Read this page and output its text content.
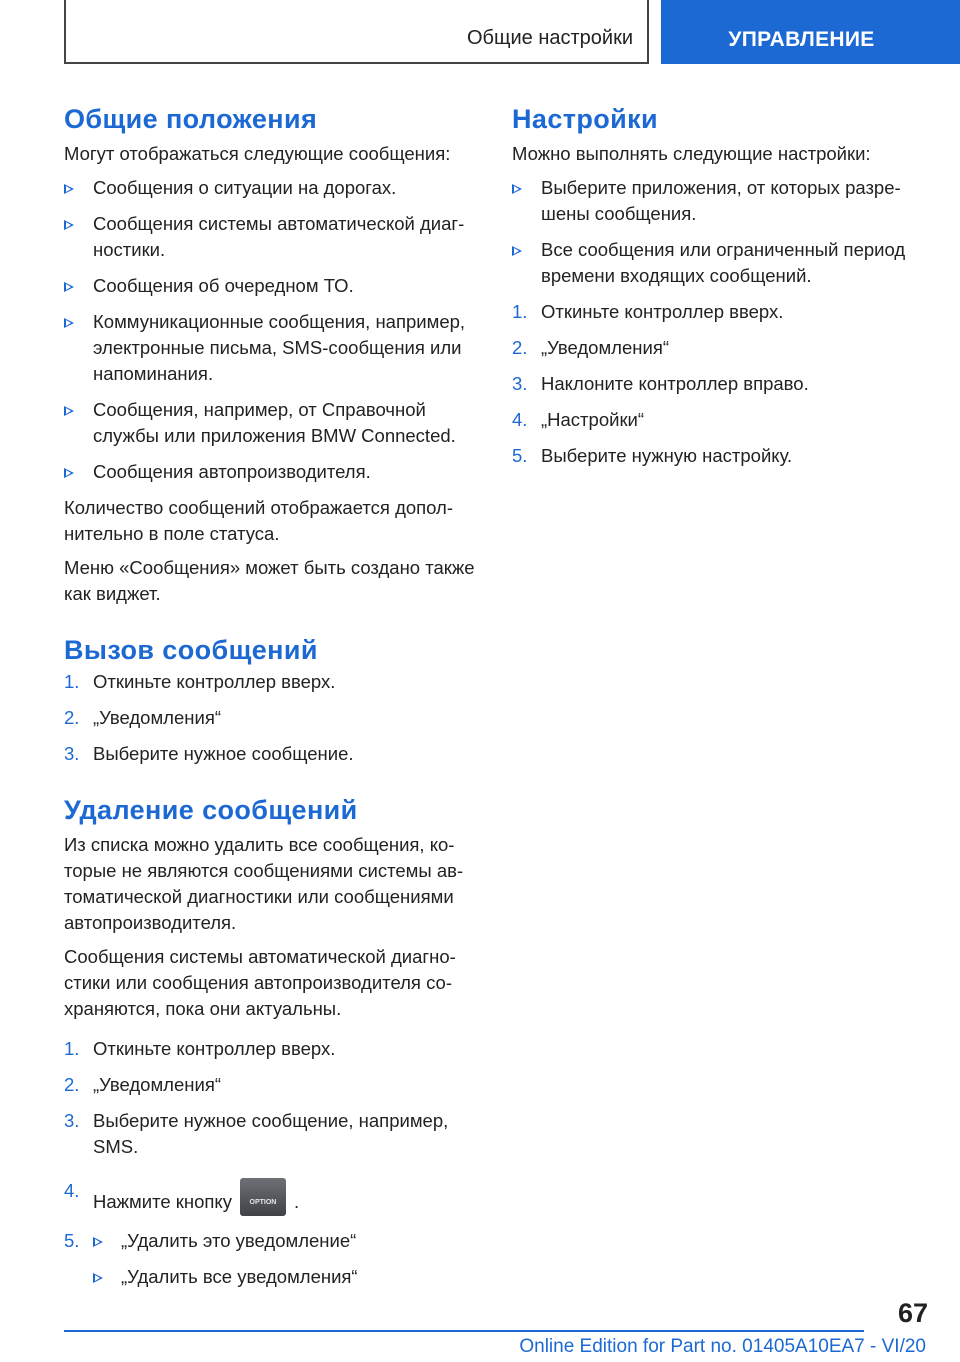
Общие настройки	УПРАВЛЕНИЕ
Общие положения

Могут отображаться следующие сообщения:

Сообщения о ситуации на дорогах.
Сообщения системы автоматической диаг-ностики.
Сообщения об очередном ТО.
Коммуникационные сообщения, например, электронные письма, SMS-сообщения или напоминания.
Сообщения, например, от Справочной службы или приложения BMW Connected.
Сообщения автопроизводителя.

Количество сообщений отображается допол-нительно в поле статуса.

Меню «Сообщения» может быть создано также как виджет.

Вызов сообщений
1. Откиньте контроллер вверх.
2. „Уведомления“
3. Выберите нужное сообщение.
Удаление сообщений

Из списка можно удалить все сообщения, ко-торые не являются сообщениями системы ав-томатической диагностики или сообщениями автопроизводителя.

Сообщения системы автоматической диагно-стики или сообщения автопроизводителя со-храняются, пока они актуальны.

1. Откиньте контроллер вверх.
2. „Уведомления“
3. Выберите нужное сообщение, например, SMS.
4.
Нажмите кнопку	OPTION .
5. „Удалить это уведомление“
„Удалить все уведомления“
Настройки

Можно выполнять следующие настройки:

Выберите приложения, от которых разре-шены сообщения.
Все сообщения или ограниченный период времени входящих сообщений.
1. Откиньте контроллер вверх.
2. „Уведомления“
3. Наклоните контроллер вправо.
4. „Настройки“
5. Выберите нужную настройку.
67
Online Edition for Part no. 01405A10EA7 - VI/20
